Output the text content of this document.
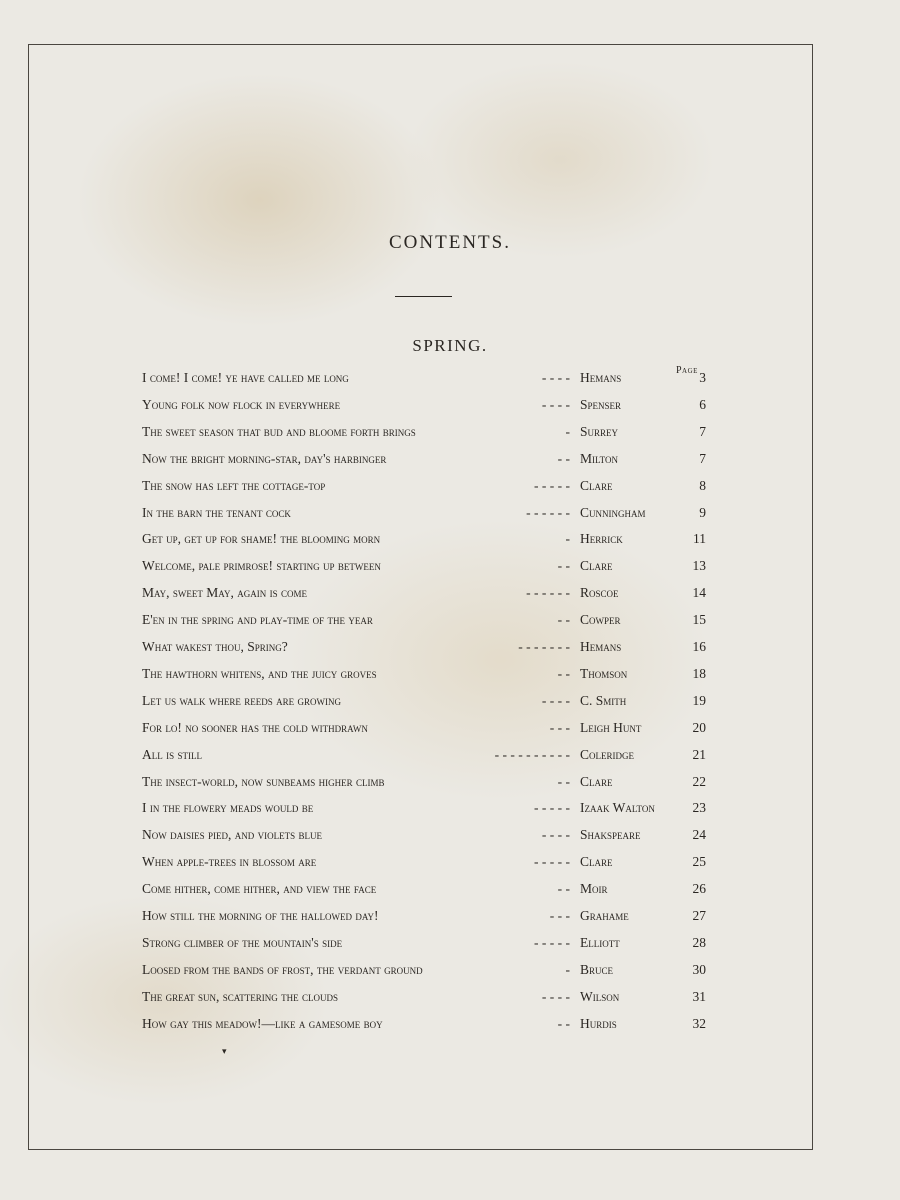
CONTENTS.
SPRING.
Page
I come! I come! ye have called me long	- - - - Hemans	3
Young folk now flock in everywhere	- - - - Spenser	6
The sweet season that bud and bloome forth brings	- Surrey	7
Now the bright morning-star, day's harbinger	- - Milton	7
The snow has left the cottage-top	- - - - - Clare	8
In the barn the tenant cock	- - - - - - Cunningham	9
Get up, get up for shame! the blooming morn	- Herrick	11
Welcome, pale primrose! starting up between	- - Clare	13
May, sweet May, again is come	- - - - - - Roscoe	14
E'en in the spring and play-time of the year	- - Cowper	15
What wakest thou, Spring?	- - - - - - - Hemans	16
The hawthorn whitens, and the juicy groves	- - Thomson	18
Let us walk where reeds are growing	- - - - C. Smith	19
For lo! no sooner has the cold withdrawn	- - - Leigh Hunt	20
All is still	- - - - - - - - - - Coleridge	21
The insect-world, now sunbeams higher climb	- - Clare	22
I in the flowery meads would be	- - - - - Izaak Walton	23
Now daisies pied, and violets blue	- - - - Shakspeare	24
When apple-trees in blossom are	- - - - - Clare	25
Come hither, come hither, and view the face	- - Moir	26
How still the morning of the hallowed day!	- - - Grahame	27
Strong climber of the mountain's side	- - - - - Elliott	28
Loosed from the bands of frost, the verdant ground	- Bruce	30
The great sun, scattering the clouds	- - - - Wilson	31
How gay this meadow!—like a gamesome boy	- - Hurdis	32
▾
